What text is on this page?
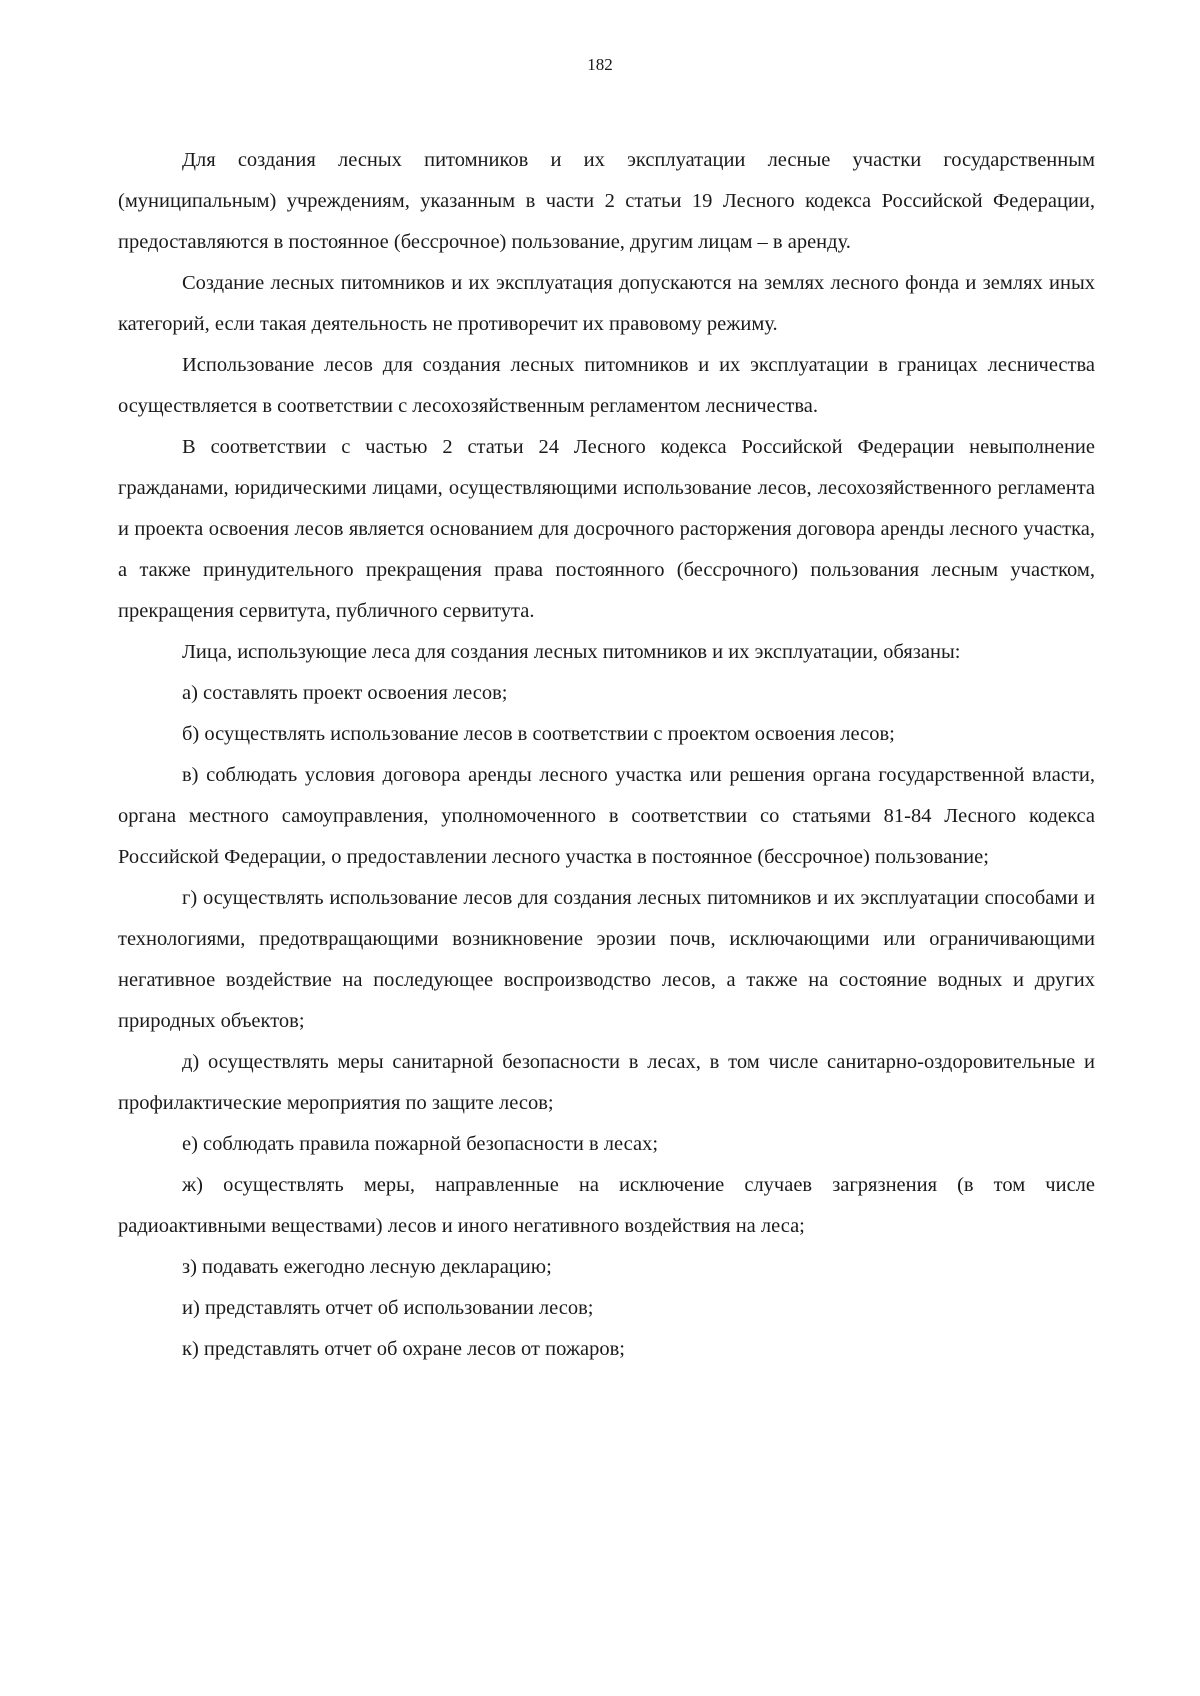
182

Для создания лесных питомников и их эксплуатации лесные участки государственным (муниципальным) учреждениям, указанным в части 2 статьи 19 Лесного кодекса Российской Федерации, предоставляются в постоянное (бессрочное) пользование, другим лицам – в аренду.

Создание лесных питомников и их эксплуатация допускаются на землях лесного фонда и землях иных категорий, если такая деятельность не противоречит их правовому режиму.

Использование лесов для создания лесных питомников и их эксплуатации в границах лесничества осуществляется в соответствии с лесохозяйственным регламентом лесничества.

В соответствии с частью 2 статьи 24 Лесного кодекса Российской Федерации невыполнение гражданами, юридическими лицами, осуществляющими использование лесов, лесохозяйственного регламента и проекта освоения лесов является основанием для досрочного расторжения договора аренды лесного участка, а также принудительного прекращения права постоянного (бессрочного) пользования лесным участком, прекращения сервитута, публичного сервитута.

Лица, использующие леса для создания лесных питомников и их эксплуатации, обязаны:

а) составлять проект освоения лесов;

б) осуществлять использование лесов в соответствии с проектом освоения лесов;

в) соблюдать условия договора аренды лесного участка или решения органа государственной власти, органа местного самоуправления, уполномоченного в соответствии со статьями 81-84 Лесного кодекса Российской Федерации, о предоставлении лесного участка в постоянное (бессрочное) пользование;

г) осуществлять использование лесов для создания лесных питомников и их эксплуатации способами и технологиями, предотвращающими возникновение эрозии почв, исключающими или ограничивающими негативное воздействие на последующее воспроизводство лесов, а также на состояние водных и других природных объектов;

д) осуществлять меры санитарной безопасности в лесах, в том числе санитарно-оздоровительные и профилактические мероприятия по защите лесов;

е) соблюдать правила пожарной безопасности в лесах;

ж) осуществлять меры, направленные на исключение случаев загрязнения (в том числе радиоактивными веществами) лесов и иного негативного воздействия на леса;

з) подавать ежегодно лесную декларацию;

и) представлять отчет об использовании лесов;

к) представлять отчет об охране лесов от пожаров;
